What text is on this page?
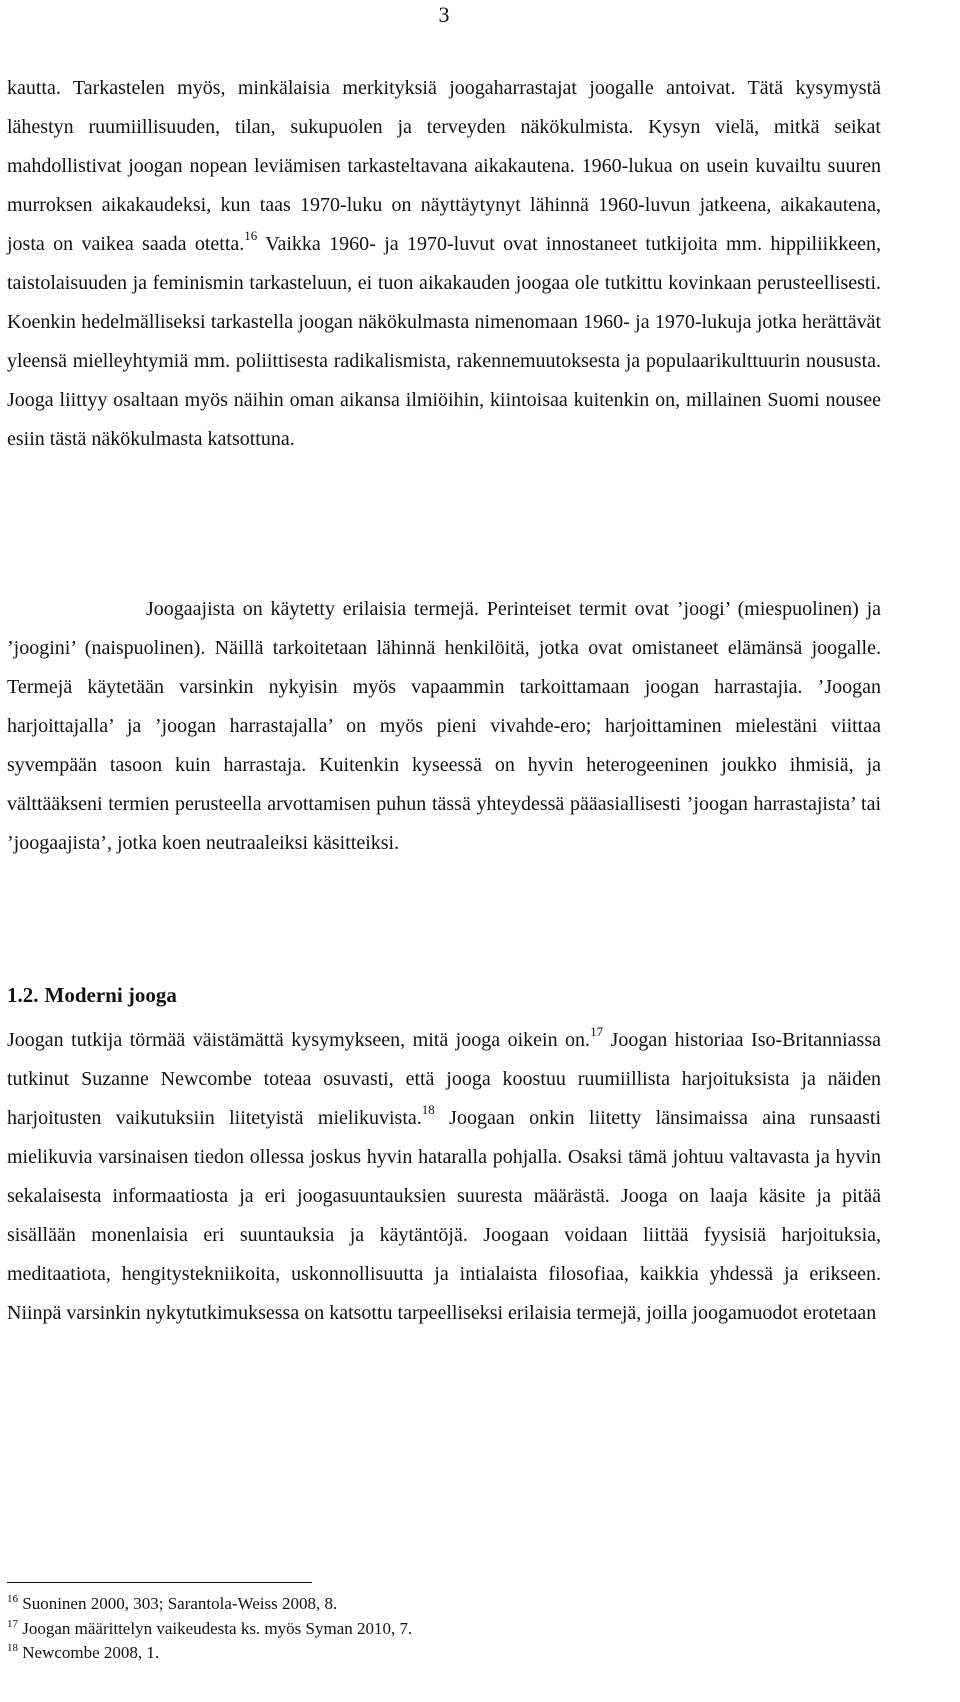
3

kautta. Tarkastelen myös, minkälaisia merkityksiä joogaharrastajat joogalle antoivat. Tätä kysymystä lähestyn ruumiillisuuden, tilan, sukupuolen ja terveyden näkökulmista. Kysyn vielä, mitkä seikat mahdollistivat joogan nopean leviämisen tarkasteltavana aikakautena. 1960-lukua on usein kuvailtu suuren murroksen aikakaudeksi, kun taas 1970-luku on näyttäytynyt lähinnä 1960-luvun jatkeena, aikakautena, josta on vaikea saada otetta.$^{16}$ Vaikka 1960- ja 1970-luvut ovat innostaneet tutkijoita mm. hippiliikkeen, taistolaisuuden ja feminismin tarkasteluun, ei tuon aikakauden joogaa ole tutkittu kovinkaan perusteellisesti. Koenkin hedelmälliseksi tarkastella joogan näkökulmasta nimenomaan 1960- ja 1970-lukuja jotka herättävät yleensä mielleyhtymiä mm. poliittisesta radikalismista, rakennemuutoksesta ja populaarikulttuurin noususta. Jooga liittyy osaltaan myös näihin oman aikansa ilmiöihin, kiintoisaa kuitenkin on, millainen Suomi nousee esiin tästä näkökulmasta katsottuna.

Joogaajista on käytetty erilaisia termejä. Perinteiset termit ovat ’joogi’ (miespuolinen) ja ’joogini’ (naispuolinen). Näillä tarkoitetaan lähinnä henkilöitä, jotka ovat omistaneet elämänsä joogalle. Termejä käytetään varsinkin nykyisin myös vapaammin tarkoittamaan joogan harrastajia. ’Joogan harjoittajalla’ ja ’joogan harrastajalla’ on myös pieni vivahde-ero; harjoittaminen mielestäni viittaa syvempään tasoon kuin harrastaja. Kuitenkin kyseessä on hyvin heterogeeninen joukko ihmisiä, ja välttääkseni termien perusteella arvottamisen puhun tässä yhteydessä pääasiallisesti ’joogan harrastajista’ tai ’joogaajista’, jotka koen neutraaleiksi käsitteiksi.

1.2. Moderni jooga

Joogan tutkija törmää väistämättä kysymykseen, mitä jooga oikein on.$^{17}$ Joogan historiaa Iso-Britanniassa tutkinut Suzanne Newcombe toteaa osuvasti, että jooga koostuu ruumiillista harjoituksista ja näiden harjoitusten vaikutuksiin liitetyistä mielikuvista.$^{18}$ Joogaan onkin liitetty länsimaissa aina runsaasti mielikuvia varsinaisen tiedon ollessa joskus hyvin hataralla pohjalla. Osaksi tämä johtuu valtavasta ja hyvin sekalaisesta informaatiosta ja eri joogasuuntauksien suuresta määrästä. Jooga on laaja käsite ja pitää sisällään monenlaisia eri suuntauksia ja käytäntöjä. Joogaan voidaan liittää fyysisiä harjoituksia, meditaatiota, hengitystekniikoita, uskonnollisuutta ja intialaista filosofiaa, kaikkia yhdessä ja erikseen. Niinpä varsinkin nykytutkimuksessa on katsottu tarpeelliseksi erilaisia termejä, joilla joogamuodot erotetaan

$^{16}$ Suoninen 2000, 303; Sarantola-Weiss 2008, 8.
$^{17}$ Joogan määrittelyn vaikeudesta ks. myös Syman 2010, 7.
$^{18}$ Newcombe 2008, 1.
